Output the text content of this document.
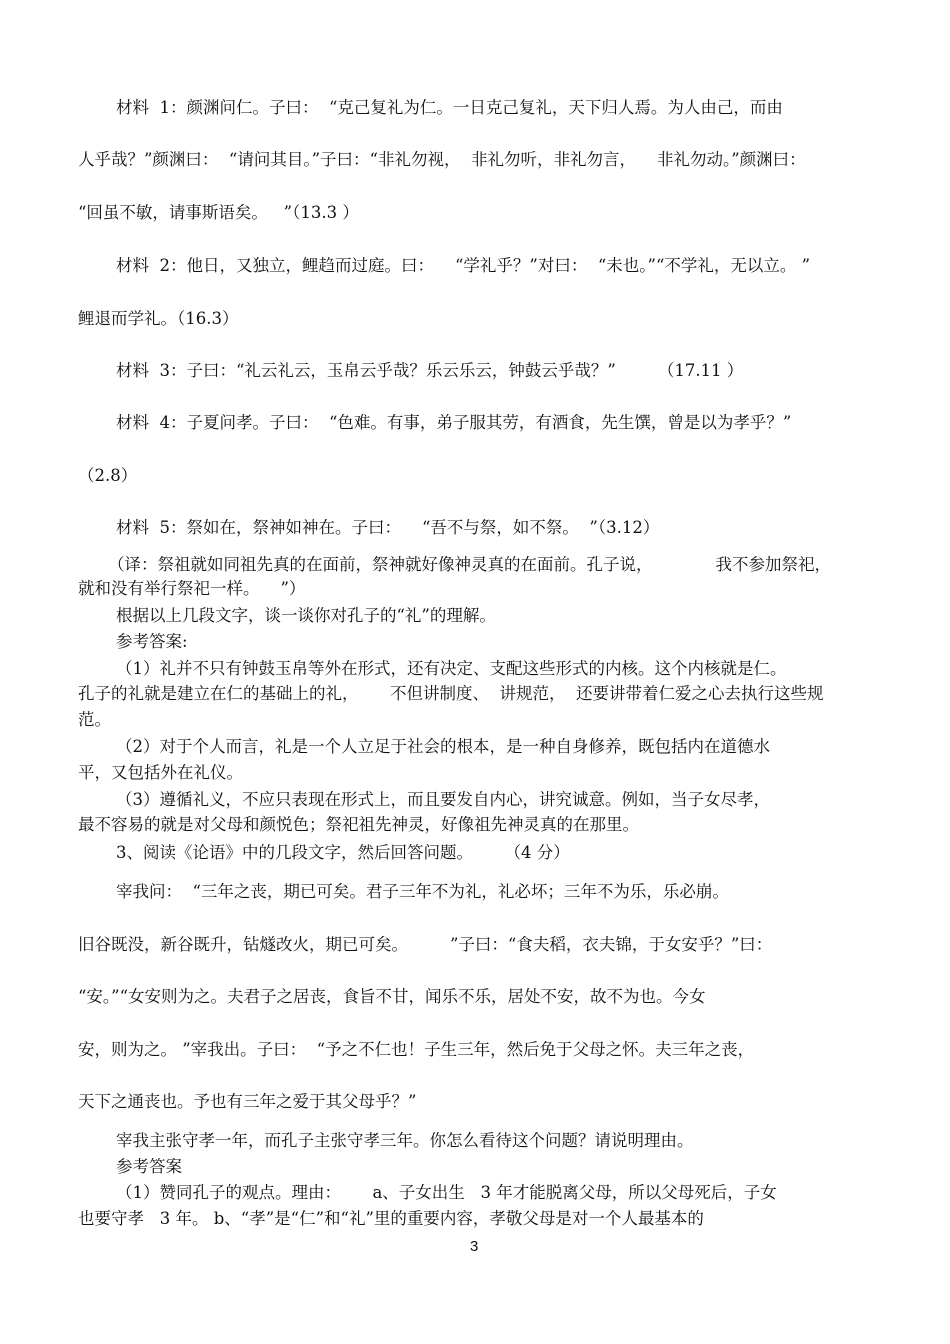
材料  1：颜渊问仁。子曰：  “克己复礼为仁。一日克己复礼，天下归人焉。为人由己，而由
人乎哉？”颜渊曰：  “请问其目。”子曰：“非礼勿视，  非礼勿听，非礼勿言，    非礼勿动。”颜渊曰：
“回虽不敏，请事斯语矣。   ”（13.3 ）
材料  2：他日，又独立，鲤趋而过庭。曰：    “学礼乎？”对曰：  “未也。”“不学礼，无以立。 ”
鲤退而学礼。（16.3）
材料  3：子曰：“礼云礼云，玉帛云乎哉？乐云乐云，钟鼓云乎哉？”        （17.11 ）
材料  4：子夏问孝。子曰：  “色难。有事，弟子服其劳，有酒食，先生馔，曾是以为孝乎？”
（2.8）
材料  5：祭如在，祭神如神在。子曰：    “吾不与祭，如不祭。  ”（3.12）
（译：祭祖就如同祖先真的在面前，祭神就好像神灵真的在面前。孔子说，            我不参加祭祀，
就和没有举行祭祀一样。    ”）
根据以上几段文字，谈一谈你对孔子的“礼”的理解。
参考答案:
（1）礼并不只有钟鼓玉帛等外在形式，还有决定、支配这些形式的内核。这个内核就是仁。
孔子的礼就是建立在仁的基础上的礼，      不但讲制度、  讲规范，  还要讲带着仁爱之心去执行这些规
范。
（2）对于个人而言，礼是一个人立足于社会的根本，是一种自身修养，既包括内在道德水
平，又包括外在礼仪。
（3）遵循礼义，不应只表现在形式上，而且要发自内心，讲究诚意。例如，当子女尽孝，
最不容易的就是对父母和颜悦色；祭祀祖先神灵，好像祖先神灵真的在那里。
3、阅读《论语》中的几段文字，然后回答问题。      （4 分）
宰我问：  “三年之丧，期已可矣。君子三年不为礼，礼必坏；三年不为乐，乐必崩。
旧谷既没，新谷既升，钻燧改火，期已可矣。        ”子曰：“食夫稻，衣夫锦，于女安乎？”曰：
“安。”“女安则为之。夫君子之居丧，食旨不甘，闻乐不乐，居处不安，故不为也。今女
安，则为之。 ”宰我出。子曰：  “予之不仁也！子生三年，然后免于父母之怀。夫三年之丧，
天下之通丧也。予也有三年之爱于其父母乎？”
宰我主张守孝一年，而孔子主张守孝三年。你怎么看待这个问题？请说明理由。
参考答案
（1）赞同孔子的观点。理由：      a、子女出生   3 年才能脱离父母，所以父母死后，子女
也要守孝   3 年。 b、“孝”是“仁”和“礼”里的重要内容，孝敬父母是对一个人最基本的
3
